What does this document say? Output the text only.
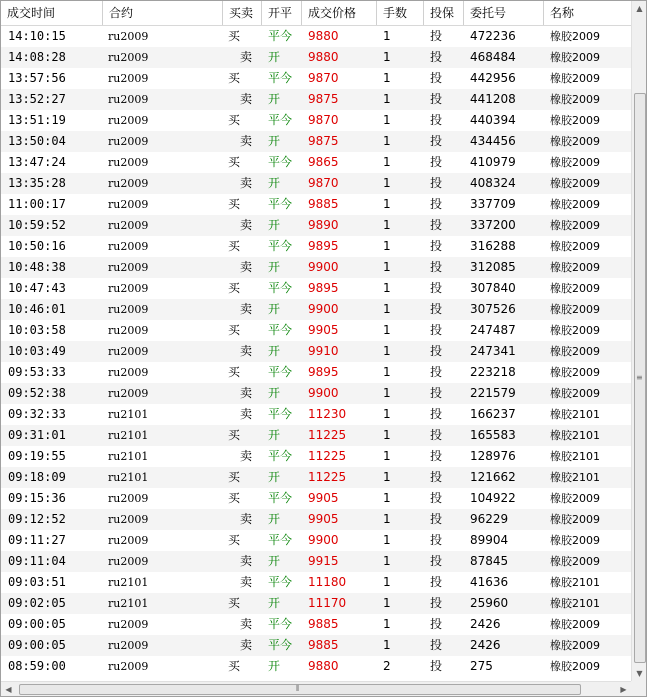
成交时间	合约	买卖	开平	成交价格	手数	投保	委托号	名称
14:10:15	ru2009	买 平今 9880	1	投 472236	橡胶2009
14:08:28	ru2009	卖 开 9880	1	投 468484	橡胶2009
13:57:56	ru2009	买 平今 9870	1	投 442956	橡胶2009
13:52:27	ru2009	卖 开 9875	1	投 441208	橡胶2009
13:51:19	ru2009	买 平今 9870	1	投 440394	橡胶2009
13:50:04	ru2009	卖 开 9875	1	投 434456	橡胶2009
13:47:24	ru2009	买 平今 9865	1	投 410979	橡胶2009
13:35:28	ru2009	卖 开 9870	1	投 408324	橡胶2009
11:00:17	ru2009	买 平今 9885	1	投 337709	橡胶2009
10:59:52	ru2009	卖 开 9890	1	投 337200	橡胶2009
10:50:16	ru2009	买 平今 9895	1	投 316288	橡胶2009
10:48:38	ru2009	卖 开 9900	1	投 312085	橡胶2009
10:47:43	ru2009	买 平今 9895	1	投 307840	橡胶2009
10:46:01	ru2009	卖 开 9900	1	投 307526	橡胶2009
10:03:58	ru2009	买 平今 9905	1	投 247487	橡胶2009
10:03:49	ru2009	卖 开 9910	1	投 247341	橡胶2009
09:53:33	ru2009	买 平今 9895	1	投 223218	橡胶2009
09:52:38	ru2009	卖 开 9900	1	投 221579	橡胶2009
09:32:33	ru2101	卖 平今 11230	1	投 166237	橡胶2101
09:31:01	ru2101	买 开 11225	1	投 165583	橡胶2101
09:19:55	ru2101	卖 平今 11225	1	投 128976	橡胶2101
09:18:09	ru2101	买 开 11225	1	投 121662	橡胶2101
09:15:36	ru2009	买 平今 9905	1	投 104922	橡胶2009
09:12:52	ru2009	卖 开 9905	1	投 96229	橡胶2009
09:11:27	ru2009	买 平今 9900	1	投 89904	橡胶2009
09:11:04	ru2009	卖 开 9915	1	投 87845	橡胶2009
09:03:51	ru2101	卖 平今 11180	1	投 41636	橡胶2101
09:02:05	ru2101	买 开 11170	1	投 25960	橡胶2101
09:00:05	ru2009	卖 平今 9885	1	投 2426	橡胶2009
09:00:05	ru2009	卖 平今 9885	1	投 2426	橡胶2009
08:59:00	ru2009	买 开 9880	2	投 275	橡胶2009
▲
≡
▼
◀	⦀	▶
